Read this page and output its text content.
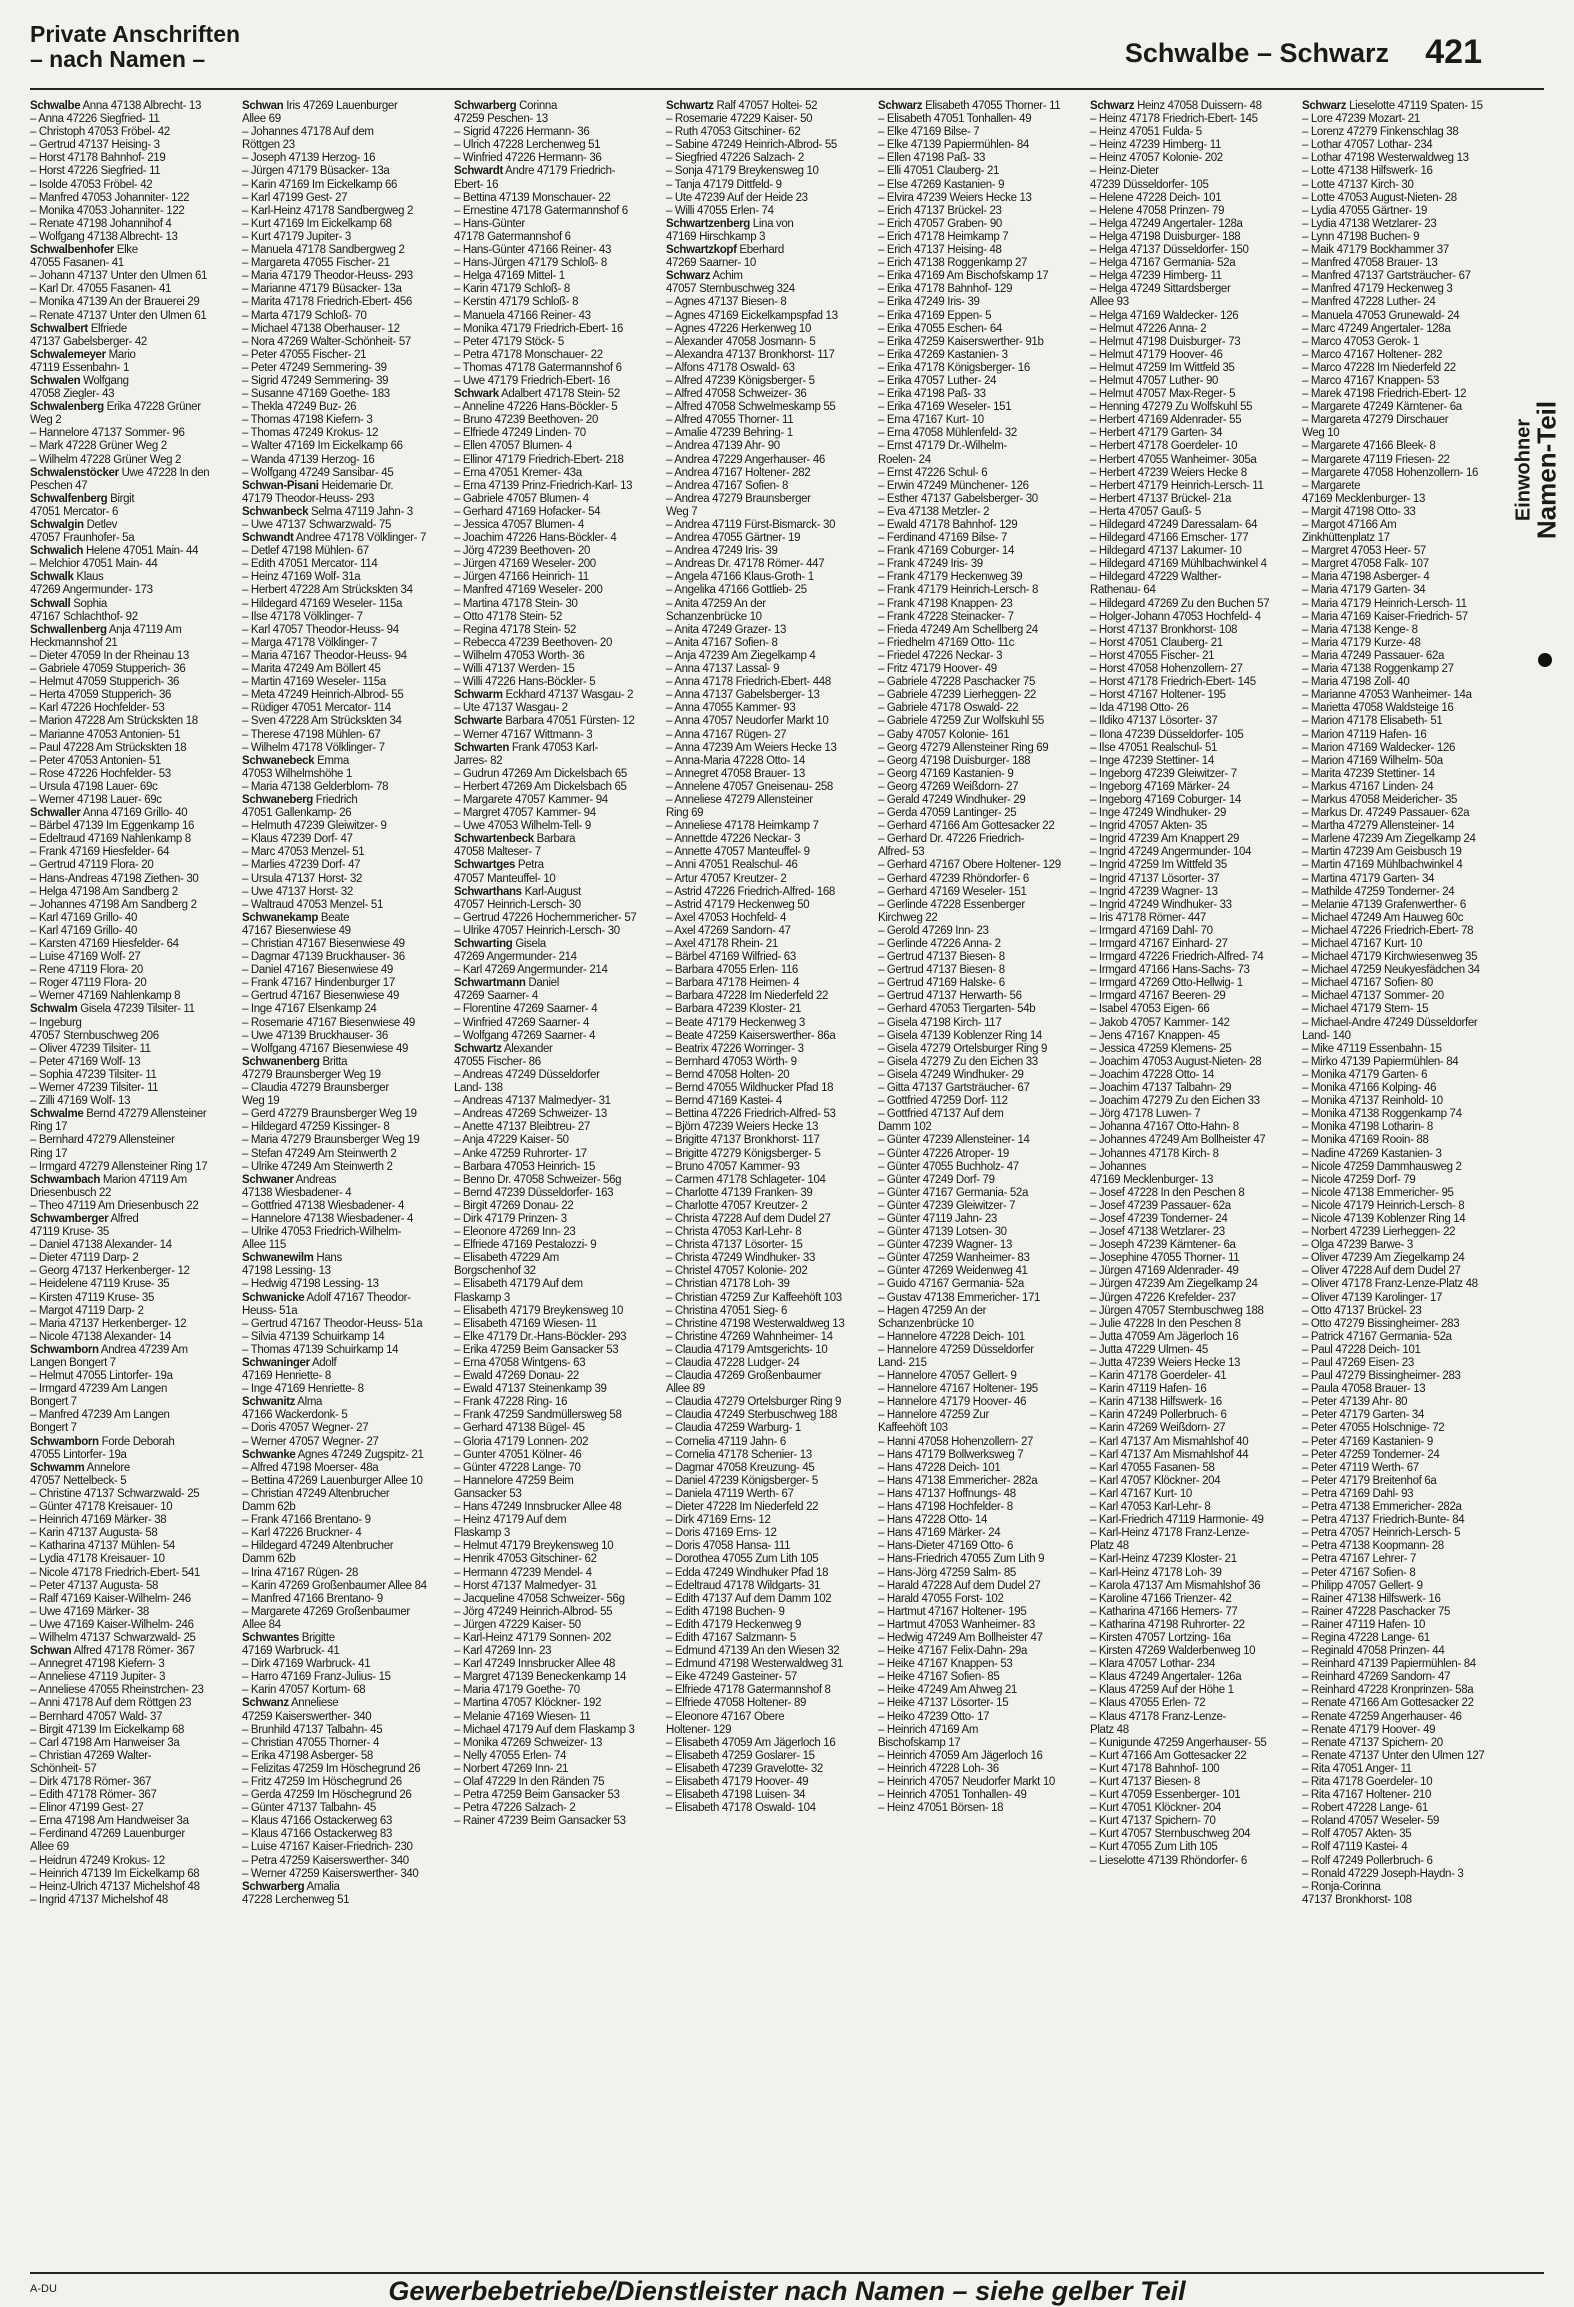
Private Anschriften
– nach Namen –	Schwalbe – Schwarz 421
Schwalbe Anna 47138 Albrecht- 13
– Anna 47226 Siegfried- 11
– Christoph 47053 Fröbel- 42
– Gertrud 47137 Heising- 3
– Horst 47178 Bahnhof- 219
– Horst 47226 Siegfried- 11
– Isolde 47053 Fröbel- 42
– Manfred 47053 Johanniter- 122
– Monika 47053 Johanniter- 122
– Renate 47198 Johannihof 4
– Wolfgang 47138 Albrecht- 13
Schwalbenhofer Elke
47055 Fasanen- 41
– Johann 47137 Unter den Ulmen 61
– Karl Dr. 47055 Fasanen- 41
– Monika 47139 An der Brauerei 29
– Renate 47137 Unter den Ulmen 61
Schwalbert Elfriede
47137 Gabelsberger- 42
Schwalemeyer Mario
47119 Essenbahn- 1
Schwalen Wolfgang
47058 Ziegler- 43
Schwalenberg Erika 47228 Grüner
Weg 2
– Hannelore 47137 Sommer- 96
– Mark 47228 Grüner Weg 2
– Wilhelm 47228 Grüner Weg 2
Schwalenstöcker Uwe 47228 In den
Peschen 47
Schwalfenberg Birgit
47051 Mercator- 6
Schwalgin Detlev
47057 Fraunhofer- 5a
Schwalich Helene 47051 Main- 44
– Melchior 47051 Main- 44
Schwalk Klaus
47269 Angermunder- 173
Schwall Sophia
47167 Schlachthof- 92
Schwallenberg Anja 47119 Am
Heckmannshof 21
– Dieter 47059 In der Rheinau 13
– Gabriele 47059 Stupperich- 36
– Helmut 47059 Stupperich- 36
– Herta 47059 Stupperich- 36
– Karl 47226 Hochfelder- 53
– Marion 47228 Am Strückskten 18
– Marianne 47053 Antonien- 51
– Paul 47228 Am Strückskten 18
– Peter 47053 Antonien- 51
– Rose 47226 Hochfelder- 53
– Ursula 47198 Lauer- 69c
– Werner 47198 Lauer- 69c
Schwaller Anna 47169 Grillo- 40
– Bärbel 47139 Im Eggenkamp 16
– Edeltraud 47169 Nahlenkamp 8
– Frank 47169 Hiesfelder- 64
– Gertrud 47119 Flora- 20
– Hans-Andreas 47198 Ziethen- 30
– Helga 47198 Am Sandberg 2
– Johannes 47198 Am Sandberg 2
– Karl 47169 Grillo- 40
– Karl 47169 Grillo- 40
– Karsten 47169 Hiesfelder- 64
– Luise 47169 Wolf- 27
– Rene 47119 Flora- 20
– Roger 47119 Flora- 20
– Werner 47169 Nahlenkamp 8
Schwalm Gisela 47239 Tilsiter- 11
– Ingeburg
47057 Sternbuschweg 206
– Oliver 47239 Tilsiter- 11
– Peter 47169 Wolf- 13
– Sophia 47239 Tilsiter- 11
– Werner 47239 Tilsiter- 11
– Zilli 47169 Wolf- 13
Schwalme Bernd 47279 Allensteiner
Ring 17
– Bernhard 47279 Allensteiner
Ring 17
– Irmgard 47279 Allensteiner Ring 17
Schwambach Marion 47119 Am
Driesenbusch 22
– Theo 47119 Am Driesenbusch 22
Schwamberger Alfred
47119 Kruse- 35
– Daniel 47138 Alexander- 14
– Dieter 47119 Darp- 2
– Georg 47137 Herkenberger- 12
– Heidelene 47119 Kruse- 35
– Kirsten 47119 Kruse- 35
– Margot 47119 Darp- 2
– Maria 47137 Herkenberger- 12
– Nicole 47138 Alexander- 14
Schwamborn Andrea 47239 Am
Langen Bongert 7
– Helmut 47055 Lintorfer- 19a
– Irmgard 47239 Am Langen
Bongert 7
– Manfred 47239 Am Langen
Bongert 7
Schwamborn Forde Deborah
47055 Lintorfer- 19a
Schwamm Annelore
47057 Nettelbeck- 5
– Christine 47137 Schwarzwald- 25
– Günter 47178 Kreisauer- 10
– Heinrich 47169 Märker- 38
– Karin 47137 Augusta- 58
– Katharina 47137 Mühlen- 54
– Lydia 47178 Kreisauer- 10
– Nicole 47178 Friedrich-Ebert- 541
– Peter 47137 Augusta- 58
– Ralf 47169 Kaiser-Wilhelm- 246
– Uwe 47169 Märker- 38
– Uwe 47169 Kaiser-Wilhelm- 246
– Wilhelm 47137 Schwarzwald- 25
Schwan Alfred 47178 Römer- 367
– Annegret 47198 Kiefern- 3
– Anneliese 47119 Jupiter- 3
– Anneliese 47055 Rheinstrchen- 23
– Anni 47178 Auf dem Röttgen 23
– Bernhard 47057 Wald- 37
– Birgit 47139 Im Eickelkamp 68
– Carl 47198 Am Hanweiser 3a
– Christian 47269 Walter-
Schönheit- 57
– Dirk 47178 Römer- 367
– Edith 47178 Römer- 367
– Elinor 47199 Gest- 27
– Erna 47198 Am Handweiser 3a
– Ferdinand 47269 Lauenburger
Allee 69
– Heidrun 47249 Krokus- 12
– Heinrich 47139 Im Eickelkamp 68
– Heinz-Ulrich 47137 Michelshof 48
– Ingrid 47137 Michelshof 48
Schwan Iris 47269 Lauenburger
Allee 69
– Johannes 47178 Auf dem
Röttgen 23
– Joseph 47139 Herzog- 16
– Jürgen 47179 Büsacker- 13a
– Karin 47169 Im Eickelkamp 66
– Karl 47199 Gest- 27
– Karl-Heinz 47178 Sandbergweg 2
– Kurt 47169 Im Eickelkamp 68
– Kurt 47179 Jupiter- 3
– Manuela 47178 Sandbergweg 2
– Margareta 47055 Fischer- 21
– Maria 47179 Theodor-Heuss- 293
– Marianne 47179 Büsacker- 13a
– Marita 47178 Friedrich-Ebert- 456
– Marta 47179 Schloß- 70
– Michael 47138 Oberhauser- 12
– Nora 47269 Walter-Schönheit- 57
– Peter 47055 Fischer- 21
– Peter 47249 Semmering- 39
– Sigrid 47249 Semmering- 39
– Susanne 47169 Goethe- 183
– Thekla 47249 Buz- 26
– Thomas 47198 Kiefern- 3
– Thomas 47249 Krokus- 12
– Walter 47169 Im Eickelkamp 66
– Wanda 47139 Herzog- 16
– Wolfgang 47249 Sansibar- 45
Schwan-Pisani Heidemarie Dr.
47179 Theodor-Heuss- 293
Schwanbeck Selma 47119 Jahn- 3
– Uwe 47137 Schwarzwald- 75
Schwandt Andree 47178 Völklinger- 7
– Detlef 47198 Mühlen- 67
– Edith 47051 Mercator- 114
– Heinz 47169 Wolf- 31a
– Herbert 47228 Am Strückskten 34
– Hildegard 47169 Weseler- 115a
– Ilse 47178 Völklinger- 7
– Karl 47057 Theodor-Heuss- 94
– Marga 47178 Völklinger- 7
– Maria 47167 Theodor-Heuss- 94
– Marita 47249 Am Böllert 45
– Martin 47169 Weseler- 115a
– Meta 47249 Heinrich-Albrod- 55
– Rüdiger 47051 Mercator- 114
– Sven 47228 Am Strückskten 34
– Therese 47198 Mühlen- 67
– Wilhelm 47178 Völklinger- 7
Schwanebeck Emma
47053 Wilhelmshöhe 1
– Maria 47138 Gelderblom- 78
Schwaneberg Friedrich
47051 Gallenkamp- 26
– Helmuth 47239 Gleiwitzer- 9
– Klaus 47239 Dorf- 47
– Marc 47053 Menzel- 51
– Marlies 47239 Dorf- 47
– Ursula 47137 Horst- 32
– Uwe 47137 Horst- 32
– Waltraud 47053 Menzel- 51
Schwanekamp Beate
47167 Biesenwiese 49
– Christian 47167 Biesenwiese 49
– Dagmar 47139 Bruckhauser- 36
– Daniel 47167 Biesenwiese 49
– Frank 47167 Hindenburger 17
– Gertrud 47167 Biesenwiese 49
– Inge 47167 Elsenkamp 24
– Rosemarie 47167 Biesenwiese 49
– Uwe 47139 Bruckhauser- 36
– Wolfgang 47167 Biesenwiese 49
Schwanenberg Britta
47279 Braunsberger Weg 19
– Claudia 47279 Braunsberger
Weg 19
– Gerd 47279 Braunsberger Weg 19
– Hildegard 47259 Kissinger- 8
– Maria 47279 Braunsberger Weg 19
– Stefan 47249 Am Steinwerth 2
– Ulrike 47249 Am Steinwerth 2
Schwaner Andreas
47138 Wiesbadener- 4
– Gottfried 47138 Wiesbadener- 4
– Hannelore 47138 Wiesbadener- 4
– Ulrike 47053 Friedrich-Wilhelm-
Allee 115
Schwanewilm Hans
47198 Lessing- 13
– Hedwig 47198 Lessing- 13
Schwanicke Adolf 47167 Theodor-
Heuss- 51a
– Gertrud 47167 Theodor-Heuss- 51a
– Silvia 47139 Schuirkamp 14
– Thomas 47139 Schuirkamp 14
Schwaninger Adolf
47169 Henriette- 8
– Inge 47169 Henriette- 8
Schwanitz Alma
47166 Wackerdonk- 5
– Doris 47057 Wegner- 27
– Werner 47057 Wegner- 27
Schwanke Agnes 47249 Zugspitz- 21
– Alfred 47198 Moerser- 48a
– Bettina 47269 Lauenburger Allee 10
– Christian 47249 Altenbrucher
Damm 62b
– Frank 47166 Brentano- 9
– Karl 47226 Bruckner- 4
– Hildegard 47249 Altenbrucher
Damm 62b
– Irina 47167 Rügen- 28
– Karin 47269 Großenbaumer Allee 84
– Manfred 47166 Brentano- 9
– Margarete 47269 Großenbaumer
Allee 84
Schwantes Brigitte
47169 Warbruck- 41
– Dirk 47169 Warbruck- 41
– Harro 47169 Franz-Julius- 15
– Karin 47057 Kortum- 68
Schwanz Anneliese
47259 Kaiserswerther- 340
– Brunhild 47137 Talbahn- 45
– Christian 47055 Thorner- 4
– Erika 47198 Asberger- 58
– Felizitas 47259 Im Höschegrund 26
– Fritz 47259 Im Höschegrund 26
– Gerda 47259 Im Höschegrund 26
– Günter 47137 Talbahn- 45
– Klaus 47166 Ostackerweg 63
– Klaus 47166 Ostackerweg 83
– Luise 47167 Kaiser-Friedrich- 230
– Petra 47259 Kaiserswerther- 340
– Werner 47259 Kaiserswerther- 340
Schwarberg Amalia
47228 Lerchenweg 51
Schwarberg Corinna
47259 Peschen- 13
– Sigrid 47226 Hermann- 36
– Ulrich 47228 Lerchenweg 51
– Winfried 47226 Hermann- 36
Schwardt Andre 47179 Friedrich-
Ebert- 16
– Bettina 47139 Monschauer- 22
– Ernestine 47178 Gatermannshof 6
– Hans-Günter
47178 Gatermannshof 6
– Hans-Günter 47166 Reiner- 43
– Hans-Jürgen 47179 Schloß- 8
– Helga 47169 Mittel- 1
– Karin 47179 Schloß- 8
– Kerstin 47179 Schloß- 8
– Manuela 47166 Reiner- 43
– Monika 47179 Friedrich-Ebert- 16
– Peter 47179 Stöck- 5
– Petra 47178 Monschauer- 22
– Thomas 47178 Gatermannshof 6
– Uwe 47179 Friedrich-Ebert- 16
Schwark Adalbert 47178 Stein- 52
– Anneline 47226 Hans-Böckler- 5
– Bruno 47239 Beethoven- 20
– Elfriede 47249 Linden- 70
– Ellen 47057 Blumen- 4
– Ellinor 47179 Friedrich-Ebert- 218
– Erna 47051 Kremer- 43a
– Erna 47139 Prinz-Friedrich-Karl- 13
– Gabriele 47057 Blumen- 4
– Gerhard 47169 Hofacker- 54
– Jessica 47057 Blumen- 4
– Joachim 47226 Hans-Böckler- 4
– Jörg 47239 Beethoven- 20
– Jürgen 47169 Weseler- 200
– Jürgen 47166 Heinrich- 11
– Manfred 47169 Weseler- 200
– Martina 47178 Stein- 30
– Otto 47178 Stein- 52
– Regina 47178 Stein- 52
– Rebecca 47239 Beethoven- 20
– Wilhelm 47053 Worth- 36
– Willi 47137 Werden- 15
– Willi 47226 Hans-Böckler- 5
Schwarm Eckhard 47137 Wasgau- 2
– Ute 47137 Wasgau- 2
Schwarte Barbara 47051 Fürsten- 12
– Werner 47167 Wittmann- 3
Schwarten Frank 47053 Karl-
Jarres- 82
– Gudrun 47269 Am Dickelsbach 65
– Herbert 47269 Am Dickelsbach 65
– Margarete 47057 Kammer- 94
– Margret 47057 Kammer- 94
– Uwe 47053 Wilhelm-Tell- 9
Schwartenbeck Barbara
47058 Malteser- 7
Schwartges Petra
47057 Manteuffel- 10
Schwarthans Karl-August
47057 Heinrich-Lersch- 30
– Gertrud 47226 Hochemmericher- 57
– Ulrike 47057 Heinrich-Lersch- 30
Schwarting Gisela
47269 Angermunder- 214
– Karl 47269 Angermunder- 214
Schwartmann Daniel
47269 Saarner- 4
– Florentine 47269 Saarner- 4
– Winfried 47269 Saarner- 4
– Wolfgang 47269 Saarner- 4
Schwartz Alexander
47055 Fischer- 86
– Andreas 47249 Düsseldorfer
Land- 138
– Andreas 47137 Malmedyer- 31
– Andreas 47269 Schweizer- 13
– Anette 47137 Bleibtreu- 27
– Anja 47229 Kaiser- 50
– Anke 47259 Ruhrorter- 17
– Barbara 47053 Heinrich- 15
– Benno Dr. 47058 Schweizer- 56g
– Bernd 47239 Düsseldorfer- 163
– Birgit 47269 Donau- 22
– Dirk 47179 Prinzen- 3
– Eleonore 47269 Inn- 23
– Elfriede 47169 Pestalozzi- 9
– Elisabeth 47229 Am
Borgschenhof 32
– Elisabeth 47179 Auf dem
Flaskamp 3
– Elisabeth 47179 Breykensweg 10
– Elisabeth 47169 Wiesen- 11
– Elke 47179 Dr.-Hans-Böckler- 293
– Erika 47259 Beim Gansacker 53
– Erna 47058 Wintgens- 63
– Ewald 47269 Donau- 22
– Ewald 47137 Steinenkamp 39
– Frank 47228 Ring- 16
– Frank 47259 Sandmüllersweg 58
– Gerhard 47138 Bügel- 45
– Gloria 47179 Lonnen- 202
– Gunter 47051 Kölner- 46
– Günter 47228 Lange- 70
– Hannelore 47259 Beim
Gansacker 53
– Hans 47249 Innsbrucker Allee 48
– Heinz 47179 Auf dem
Flaskamp 3
– Helmut 47179 Breykensweg 10
– Henrik 47053 Gitschiner- 62
– Hermann 47239 Mendel- 4
– Horst 47137 Malmedyer- 31
– Jacqueline 47058 Schweizer- 56g
– Jörg 47249 Heinrich-Albrod- 55
– Jürgen 47229 Kaiser- 50
– Karl-Heinz 47179 Sonnen- 202
– Karl 47269 Inn- 23
– Karl 47249 Innsbrucker Allee 48
– Margret 47139 Beneckenkamp 14
– Maria 47179 Goethe- 70
– Martina 47057 Klöckner- 192
– Melanie 47169 Wiesen- 11
– Michael 47179 Auf dem Flaskamp 3
– Monika 47269 Schweizer- 13
– Nelly 47055 Erlen- 74
– Norbert 47269 Inn- 21
– Olaf 47229 In den Ränden 75
– Petra 47259 Beim Gansacker 53
– Petra 47226 Salzach- 2
– Rainer 47239 Beim Gansacker 53
Schwartz Ralf 47057 Holtei- 52
– Rosemarie 47229 Kaiser- 50
– Ruth 47053 Gitschiner- 62
– Sabine 47249 Heinrich-Albrod- 55
– Siegfried 47226 Salzach- 2
– Sonja 47179 Breykensweg 10
– Tanja 47179 Dittfeld- 9
– Ute 47239 Auf der Heide 23
– Willi 47055 Erlen- 74
Schwartzenberg Lina von
47169 Hirschkamp 3
Schwartzkopf Eberhard
47269 Saarner- 10
Schwarz Achim
47057 Sternbuschweg 324
– Agnes 47137 Biesen- 8
– Agnes 47169 Eickelkampspfad 13
– Agnes 47226 Herkenweg 10
– Alexander 47058 Josmann- 5
– Alexandra 47137 Bronkhorst- 117
– Alfons 47178 Oswald- 63
– Alfred 47239 Königsberger- 5
– Alfred 47058 Schweizer- 36
– Alfred 47058 Schwelmeskamp 55
– Alfred 47055 Thorner- 11
– Amalie 47239 Behring- 1
– Andrea 47139 Ahr- 90
– Andrea 47229 Angerhauser- 46
– Andrea 47167 Holtener- 282
– Andrea 47167 Sofien- 8
– Andrea 47279 Braunsberger
Weg 7
– Andrea 47119 Fürst-Bismarck- 30
– Andrea 47055 Gärtner- 19
– Andrea 47249 Iris- 39
– Andreas Dr. 47178 Römer- 447
– Angela 47166 Klaus-Groth- 1
– Angelika 47166 Gottlieb- 25
– Anita 47259 An der
Schanzenbrücke 10
– Anita 47249 Grazer- 13
– Anita 47167 Sofien- 8
– Anja 47239 Am Ziegelkamp 4
– Anna 47137 Lassal- 9
– Anna 47178 Friedrich-Ebert- 448
– Anna 47137 Gabelsberger- 13
– Anna 47055 Kammer- 93
– Anna 47057 Neudorfer Markt 10
– Anna 47167 Rügen- 27
– Anna 47239 Am Weiers Hecke 13
– Anna-Maria 47228 Otto- 14
– Annegret 47058 Brauer- 13
– Annelene 47057 Gneisenau- 258
– Anneliese 47279 Allensteiner
Ring 69
– Anneliese 47178 Heimkamp 7
– Annettde 47226 Neckar- 3
– Annette 47057 Manteuffel- 9
– Anni 47051 Realschul- 46
– Artur 47057 Kreutzer- 2
– Astrid 47226 Friedrich-Alfred- 168
– Astrid 47179 Heckenweg 50
– Axel 47053 Hochfeld- 4
– Axel 47269 Sandorn- 47
– Axel 47178 Rhein- 21
– Bärbel 47169 Wilfried- 63
– Barbara 47055 Erlen- 116
– Barbara 47178 Heimen- 4
– Barbara 47228 Im Niederfeld 22
– Barbara 47239 Kloster- 21
– Beate 47179 Heckenweg 3
– Beate 47259 Kaiserswerther- 86a
– Beatrix 47226 Worringer- 3
– Bernhard 47053 Wörth- 9
– Bernd 47058 Holten- 20
– Bernd 47055 Wildhucker Pfad 18
– Bernd 47169 Kastei- 4
– Bettina 47226 Friedrich-Alfred- 53
– Björn 47239 Weiers Hecke 13
– Brigitte 47137 Bronkhorst- 117
– Brigitte 47279 Königsberger- 5
– Bruno 47057 Kammer- 93
– Carmen 47178 Schlageter- 104
– Charlotte 47139 Franken- 39
– Charlotte 47057 Kreutzer- 2
– Christa 47228 Auf dem Dudel 27
– Christa 47053 Karl-Lehr- 8
– Christa 47137 Lösorter- 15
– Christa 47249 Windhuker- 33
– Christel 47057 Kolonie- 202
– Christian 47178 Loh- 39
– Christian 47259 Zur Kaffeehöft 103
– Christina 47051 Sieg- 6
– Christine 47198 Westerwaldweg 13
– Christine 47269 Wahnheimer- 14
– Claudia 47179 Amtsgerichts- 10
– Claudia 47228 Ludger- 24
– Claudia 47269 Großenbaumer
Allee 89
– Claudia 47279 Ortelsburger Ring 9
– Claudia 47249 Sterbuschweg 188
– Claudia 47259 Warburg- 1
– Cornelia 47119 Jahn- 6
– Cornelia 47178 Schenier- 13
– Dagmar 47058 Kreuzung- 45
– Daniel 47239 Königsberger- 5
– Daniela 47119 Werth- 67
– Dieter 47228 Im Niederfeld 22
– Dirk 47169 Erns- 12
– Doris 47169 Erns- 12
– Doris 47058 Hansa- 111
– Dorothea 47055 Zum Lith 105
– Edda 47249 Windhuker Pfad 18
– Edeltraud 47178 Wildgarts- 31
– Edith 47137 Auf dem Damm 102
– Edith 47198 Buchen- 9
– Edith 47179 Heckenweg 9
– Edith 47167 Salzmann- 5
– Edmund 47139 An den Wiesen 32
– Edmund 47198 Westerwaldweg 31
– Eike 47249 Gasteiner- 57
– Elfriede 47178 Gatermannshof 8
– Elfriede 47058 Holtener- 89
– Eleonore 47167 Obere
Holtener- 129
– Elisabeth 47059 Am Jägerloch 16
– Elisabeth 47259 Goslarer- 15
– Elisabeth 47239 Gravelotte- 32
– Elisabeth 47179 Hoover- 49
– Elisabeth 47198 Luisen- 34
– Elisabeth 47178 Oswald- 104
Schwarz Elisabeth 47055 Thorner- 11
– Elisabeth 47051 Tonhallen- 49
– Elke 47169 Bilse- 7
– Elke 47139 Papiermühlen- 84
– Ellen 47198 Paß- 33
– Elli 47051 Clauberg- 21
– Else 47269 Kastanien- 9
– Elvira 47239 Weiers Hecke 13
– Erich 47137 Brückel- 23
– Erich 47057 Graben- 90
– Erich 47178 Heimkamp 7
– Erich 47137 Heising- 48
– Erich 47138 Roggenkamp 27
– Erika 47169 Am Bischofskamp 17
– Erika 47178 Bahnhof- 129
– Erika 47249 Iris- 39
– Erika 47169 Eppen- 5
– Erika 47055 Eschen- 64
– Erika 47259 Kaiserswerther- 91b
– Erika 47269 Kastanien- 3
– Erika 47178 Königsberger- 16
– Erika 47057 Luther- 24
– Erika 47198 Paß- 33
– Erika 47169 Weseler- 151
– Erna 47167 Kurt- 10
– Erna 47058 Mühlenfeld- 32
– Ernst 47179 Dr.-Wilhelm-
Roelen- 24
– Ernst 47226 Schul- 6
– Erwin 47249 Münchener- 126
– Esther 47137 Gabelsberger- 30
– Eva 47138 Metzler- 2
– Ewald 47178 Bahnhof- 129
– Ferdinand 47169 Bilse- 7
– Frank 47169 Coburger- 14
– Frank 47249 Iris- 39
– Frank 47179 Heckenweg 39
– Frank 47179 Heinrich-Lersch- 8
– Frank 47198 Knappen- 23
– Frank 47228 Steinacker- 7
– Frieda 47249 Am Schellberg 24
– Friedhelm 47169 Otto- 11c
– Friedel 47226 Neckar- 3
– Fritz 47179 Hoover- 49
– Gabriele 47228 Paschacker 75
– Gabriele 47239 Lierheggen- 22
– Gabriele 47178 Oswald- 22
– Gabriele 47259 Zur Wolfskuhl 55
– Gaby 47057 Kolonie- 161
– Georg 47279 Allensteiner Ring 69
– Georg 47198 Duisburger- 188
– Georg 47169 Kastanien- 9
– Georg 47269 Weißdorn- 27
– Gerald 47249 Windhuker- 29
– Gerda 47059 Lantinger- 25
– Gerhard 47166 Am Gottesacker 22
– Gerhard Dr. 47226 Friedrich-
Alfred- 53
– Gerhard 47167 Obere Holtener- 129
– Gerhard 47239 Rhöndorfer- 6
– Gerhard 47169 Weseler- 151
– Gerlinde 47228 Essenberger
Kirchweg 22
– Gerold 47269 Inn- 23
– Gerlinde 47226 Anna- 2
– Gertrud 47137 Biesen- 8
– Gertrud 47137 Biesen- 8
– Gertrud 47169 Halske- 6
– Gertrud 47137 Herwarth- 56
– Gerhard 47053 Tiergarten- 54b
– Gisela 47198 Kirch- 117
– Gisela 47139 Koblenzer Ring 14
– Gisela 47279 Ortelsburger Ring 9
– Gisela 47279 Zu den Eichen 33
– Gisela 47249 Windhuker- 29
– Gitta 47137 Gartsträucher- 67
– Gottfried 47259 Dorf- 112
– Gottfried 47137 Auf dem
Damm 102
– Günter 47239 Allensteiner- 14
– Günter 47226 Atroper- 19
– Günter 47055 Buchholz- 47
– Günter 47249 Dorf- 79
– Günter 47167 Germania- 52a
– Günter 47239 Gleiwitzer- 7
– Günter 47119 Jahn- 23
– Günter 47139 Lotsen- 30
– Günter 47239 Wagner- 13
– Günter 47259 Wanheimer- 83
– Günter 47269 Weidenweg 41
– Guido 47167 Germania- 52a
– Gustav 47138 Emmericher- 171
– Hagen 47259 An der
Schanzenbrücke 10
– Hannelore 47228 Deich- 101
– Hannelore 47259 Düsseldorfer
Land- 215
– Hannelore 47057 Gellert- 9
– Hannelore 47167 Holtener- 195
– Hannelore 47179 Hoover- 46
– Hannelore 47259 Zur
Kaffeehöft 103
– Hanni 47058 Hohenzollern- 27
– Hans 47179 Bollwerksweg 7
– Hans 47228 Deich- 101
– Hans 47138 Emmericher- 282a
– Hans 47137 Hoffnungs- 48
– Hans 47198 Hochfelder- 8
– Hans 47228 Otto- 14
– Hans 47169 Märker- 24
– Hans-Dieter 47169 Otto- 6
– Hans-Friedrich 47055 Zum Lith 9
– Hans-Jörg 47259 Salm- 85
– Harald 47228 Auf dem Dudel 27
– Harald 47055 Forst- 102
– Hartmut 47167 Holtener- 195
– Hartmut 47053 Wanheimer- 83
– Hedwig 47249 Am Bollheister 47
– Heike 47167 Felix-Dahn- 29a
– Heike 47167 Knappen- 53
– Heike 47167 Sofien- 85
– Heike 47249 Am Ahweg 21
– Heike 47137 Lösorter- 15
– Heiko 47239 Otto- 17
– Heinrich 47169 Am
Bischofskamp 17
– Heinrich 47059 Am Jägerloch 16
– Heinrich 47228 Loh- 36
– Heinrich 47057 Neudorfer Markt 10
– Heinrich 47051 Tonhallen- 49
– Heinz 47051 Börsen- 18
Schwarz Heinz 47058 Duissern- 48
– Heinz 47178 Friedrich-Ebert- 145
– Heinz 47051 Fulda- 5
– Heinz 47239 Himberg- 11
– Heinz 47057 Kolonie- 202
– Heinz-Dieter
47239 Düsseldorfer- 105
– Helene 47228 Deich- 101
– Helene 47058 Prinzen- 79
– Helga 47249 Angertaler- 128a
– Helga 47198 Duisburger- 188
– Helga 47137 Düsseldorfer- 150
– Helga 47167 Germania- 52a
– Helga 47239 Himberg- 11
– Helga 47249 Sittardsberger
Allee 93
– Helga 47169 Waldecker- 126
– Helmut 47226 Anna- 2
– Helmut 47198 Duisburger- 73
– Helmut 47179 Hoover- 46
– Helmut 47259 Im Wittfeld 35
– Helmut 47057 Luther- 90
– Helmut 47057 Max-Reger- 5
– Henning 47279 Zu Wolfskuhl 55
– Herbert 47169 Aldenrader- 55
– Herbert 47179 Garten- 34
– Herbert 47178 Goerdeler- 10
– Herbert 47055 Wanheimer- 305a
– Herbert 47239 Weiers Hecke 8
– Herbert 47179 Heinrich-Lersch- 11
– Herbert 47137 Brückel- 21a
– Herta 47057 Gauß- 5
– Hildegard 47249 Daressalam- 64
– Hildegard 47166 Emscher- 177
– Hildegard 47137 Lakumer- 10
– Hildegard 47169 Mühlbachwinkel 4
– Hildegard 47229 Walther-
Rathenau- 64
– Hildegard 47269 Zu den Buchen 57
– Holger-Johann 47053 Hochfeld- 4
– Horst 47137 Bronkhorst- 108
– Horst 47051 Clauberg- 21
– Horst 47055 Fischer- 21
– Horst 47058 Hohenzollern- 27
– Horst 47178 Friedrich-Ebert- 145
– Horst 47167 Holtener- 195
– Ida 47198 Otto- 26
– Ildiko 47137 Lösorter- 37
– Ilona 47239 Düsseldorfer- 105
– Ilse 47051 Realschul- 51
– Inge 47239 Stettiner- 14
– Ingeborg 47239 Gleiwitzer- 7
– Ingeborg 47169 Märker- 24
– Ingeborg 47169 Coburger- 14
– Inge 47249 Windhuker- 29
– Ingrid 47057 Akten- 35
– Ingrid 47239 Am Knappert 29
– Ingrid 47249 Angermunder- 104
– Ingrid 47259 Im Wittfeld 35
– Ingrid 47137 Lösorter- 37
– Ingrid 47239 Wagner- 13
– Ingrid 47249 Windhuker- 33
– Iris 47178 Römer- 447
– Irmgard 47169 Dahl- 70
– Irmgard 47167 Einhard- 27
– Irmgard 47226 Friedrich-Alfred- 74
– Irmgard 47166 Hans-Sachs- 73
– Irmgard 47269 Otto-Hellwig- 1
– Irmgard 47167 Beeren- 29
– Isabel 47053 Eigen- 66
– Jakob 47057 Kammer- 142
– Jens 47167 Knappen- 45
– Jessica 47259 Klemens- 25
– Joachim 47053 August-Nieten- 28
– Joachim 47228 Otto- 14
– Joachim 47137 Talbahn- 29
– Joachim 47279 Zu den Eichen 33
– Jörg 47178 Luwen- 7
– Johanna 47167 Otto-Hahn- 8
– Johannes 47249 Am Bollheister 47
– Johannes 47178 Kirch- 8
– Johannes
47169 Mecklenburger- 13
– Josef 47228 In den Peschen 8
– Josef 47239 Passauer- 62a
– Josef 47239 Tonderner- 24
– Josef 47138 Wetzlarer- 23
– Joseph 47239 Kärntener- 6a
– Josephine 47055 Thorner- 11
– Jürgen 47169 Aldenrader- 49
– Jürgen 47239 Am Ziegelkamp 24
– Jürgen 47226 Krefelder- 237
– Jürgen 47057 Sternbuschweg 188
– Julie 47228 In den Peschen 8
– Jutta 47059 Am Jägerloch 16
– Jutta 47229 Ulmen- 45
– Jutta 47239 Weiers Hecke 13
– Karin 47178 Goerdeler- 41
– Karin 47119 Hafen- 16
– Karin 47138 Hilfswerk- 16
– Karin 47249 Pollerbruch- 6
– Karin 47269 Weißdorn- 27
– Karl 47137 Am Mismahlshof 40
– Karl 47137 Am Mismahlshof 44
– Karl 47055 Fasanen- 58
– Karl 47057 Klöckner- 204
– Karl 47167 Kurt- 10
– Karl 47053 Karl-Lehr- 8
– Karl-Friedrich 47119 Harmonie- 49
– Karl-Heinz 47178 Franz-Lenze-
Platz 48
– Karl-Heinz 47239 Kloster- 21
– Karl-Heinz 47178 Loh- 39
– Karola 47137 Am Mismahlshof 36
– Karoline 47166 Trienzer- 42
– Katharina 47166 Hemers- 77
– Katharina 47198 Ruhrorter- 22
– Kirsten 47057 Lortzing- 16a
– Kirsten 47269 Walderbenweg 10
– Klara 47057 Lothar- 234
– Klaus 47249 Angertaler- 126a
– Klaus 47259 Auf der Höhe 1
– Klaus 47055 Erlen- 72
– Klaus 47178 Franz-Lenze-
Platz 48
– Kunigunde 47259 Angerhauser- 55
– Kurt 47166 Am Gottesacker 22
– Kurt 47178 Bahnhof- 100
– Kurt 47137 Biesen- 8
– Kurt 47059 Essenberger- 101
– Kurt 47051 Klöckner- 204
– Kurt 47137 Spichern- 70
– Kurt 47057 Sternbuschweg 204
– Kurt 47055 Zum Lith 105
– Lieselotte 47139 Rhöndorfer- 6
Schwarz Lieselotte 47119 Spaten- 15
– Lore 47239 Mozart- 21
– Lorenz 47279 Finkenschlag 38
– Lothar 47057 Lothar- 234
– Lothar 47198 Westerwaldweg 13
– Lotte 47138 Hilfswerk- 16
– Lotte 47137 Kirch- 30
– Lotte 47053 August-Nieten- 28
– Lydia 47055 Gärtner- 19
– Lydia 47138 Wetzlarer- 23
– Lynn 47198 Buchen- 9
– Maik 47179 Bockhammer 37
– Manfred 47058 Brauer- 13
– Manfred 47137 Gartsträucher- 67
– Manfred 47179 Heckenweg 3
– Manfred 47228 Luther- 24
– Manuela 47053 Grunewald- 24
– Marc 47249 Angertaler- 128a
– Marco 47053 Gerok- 1
– Marco 47167 Holtener- 282
– Marco 47228 Im Niederfeld 22
– Marco 47167 Knappen- 53
– Marek 47198 Friedrich-Ebert- 12
– Margarete 47249 Kärntener- 6a
– Margareta 47279 Dirschauer
Weg 10
– Margarete 47166 Bleek- 8
– Margarete 47119 Friesen- 22
– Margarete 47058 Hohenzollern- 16
– Margarete
47169 Mecklenburger- 13
– Margit 47198 Otto- 33
– Margot 47166 Am
Zinkhüttenplatz 17
– Margret 47053 Heer- 57
– Margret 47058 Falk- 107
– Maria 47198 Asberger- 4
– Maria 47179 Garten- 34
– Maria 47179 Heinrich-Lersch- 11
– Maria 47169 Kaiser-Friedrich- 57
– Maria 47138 Kenge- 8
– Maria 47179 Kurze- 48
– Maria 47249 Passauer- 62a
– Maria 47138 Roggenkamp 27
– Maria 47198 Zoll- 40
– Marianne 47053 Wanheimer- 14a
– Marietta 47058 Waldsteige 16
– Marion 47178 Elisabeth- 51
– Marion 47119 Hafen- 16
– Marion 47169 Waldecker- 126
– Marion 47169 Wilhelm- 50a
– Marita 47239 Stettiner- 14
– Markus 47167 Linden- 24
– Markus 47058 Meidericher- 35
– Markus Dr. 47249 Passauer- 62a
– Martha 47279 Allensteiner- 14
– Marlene 47239 Am Ziegelkamp 24
– Martin 47239 Am Geisbusch 19
– Martin 47169 Mühlbachwinkel 4
– Martina 47179 Garten- 34
– Mathilde 47259 Tonderner- 24
– Melanie 47139 Grafenwerther- 6
– Michael 47249 Am Hauweg 60c
– Michael 47226 Friedrich-Ebert- 78
– Michael 47167 Kurt- 10
– Michael 47179 Kirchwiesenweg 35
– Michael 47259 Neukyesfädchen 34
– Michael 47167 Sofien- 80
– Michael 47137 Sommer- 20
– Michael 47179 Stern- 15
– Michael-Andre 47249 Düsseldorfer
Land- 140
– Mike 47119 Essenbahn- 15
– Mirko 47139 Papiermühlen- 84
– Monika 47179 Garten- 6
– Monika 47166 Kolping- 46
– Monika 47137 Reinhold- 10
– Monika 47138 Roggenkamp 74
– Monika 47198 Lotharin- 8
– Monika 47169 Rooin- 88
– Nadine 47269 Kastanien- 3
– Nicole 47259 Dammhausweg 2
– Nicole 47259 Dorf- 79
– Nicole 47138 Emmericher- 95
– Nicole 47179 Heinrich-Lersch- 8
– Nicole 47139 Koblenzer Ring 14
– Norbert 47239 Lierheggen- 22
– Olga 47239 Barwe- 3
– Oliver 47239 Am Ziegelkamp 24
– Oliver 47228 Auf dem Dudel 27
– Oliver 47178 Franz-Lenze-Platz 48
– Oliver 47139 Karolinger- 17
– Otto 47137 Brückel- 23
– Otto 47279 Bissingheimer- 283
– Patrick 47167 Germania- 52a
– Paul 47228 Deich- 101
– Paul 47269 Eisen- 23
– Paul 47279 Bissingheimer- 283
– Paula 47058 Brauer- 13
– Peter 47139 Ahr- 80
– Peter 47179 Garten- 34
– Peter 47055 Holschnige- 72
– Peter 47169 Kastanien- 9
– Peter 47259 Tonderner- 24
– Peter 47119 Werth- 67
– Peter 47179 Breitenhof 6a
– Petra 47169 Dahl- 93
– Petra 47138 Emmericher- 282a
– Petra 47137 Friedrich-Bunte- 84
– Petra 47057 Heinrich-Lersch- 5
– Petra 47138 Koopmann- 28
– Petra 47167 Lehrer- 7
– Peter 47167 Sofien- 8
– Philipp 47057 Gellert- 9
– Rainer 47138 Hilfswerk- 16
– Rainer 47228 Paschacker 75
– Rainer 47119 Hafen- 10
– Regina 47228 Lange- 61
– Reginald 47058 Prinzen- 44
– Reinhard 47139 Papiermühlen- 84
– Reinhard 47269 Sandorn- 47
– Reinhard 47228 Kronprinzen- 58a
– Renate 47166 Am Gottesacker 22
– Renate 47259 Angerhauser- 46
– Renate 47179 Hoover- 49
– Renate 47137 Spichern- 20
– Renate 47137 Unter den Ulmen 127
– Rita 47051 Anger- 11
– Rita 47178 Goerdeler- 10
– Rita 47167 Holtener- 210
– Robert 47228 Lange- 61
– Roland 47057 Weseler- 59
– Rolf 47057 Akten- 35
– Rolf 47119 Kastei- 4
– Rolf 47249 Pollerbruch- 6
– Ronald 47229 Joseph-Haydn- 3
– Ronja-Corinna
47137 Bronkhorst- 108
Einwohner
Namen-Teil
A-DU	Gewerbebetriebe/Dienstleister nach Namen – siehe gelber Teil
